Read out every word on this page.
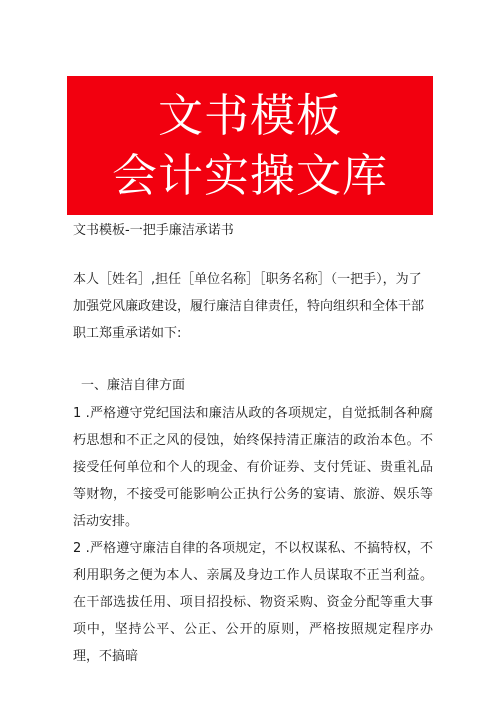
文书模板
会计实操文库
文书模板-一把手廉洁承诺书
本人［姓名］,担任［单位名称］［职务名称］（一把手），为了加强党风廉政建设，履行廉洁自律责任，特向组织和全体干部职工郑重承诺如下:
一、廉洁自律方面
1 .严格遵守党纪国法和廉洁从政的各项规定，自觉抵制各种腐朽思想和不正之风的侵蚀，始终保持清正廉洁的政治本色。不接受任何单位和个人的现金、有价证券、支付凭证、贵重礼品等财物，不接受可能影响公正执行公务的宴请、旅游、娱乐等活动安排。
2 .严格遵守廉洁自律的各项规定，不以权谋私、不搞特权，不利用职务之便为本人、亲属及身边工作人员谋取不正当利益。在干部选拔任用、项目招投标、物资采购、资金分配等重大事项中，坚持公平、公正、公开的原则，严格按照规定程序办理，不搞暗
